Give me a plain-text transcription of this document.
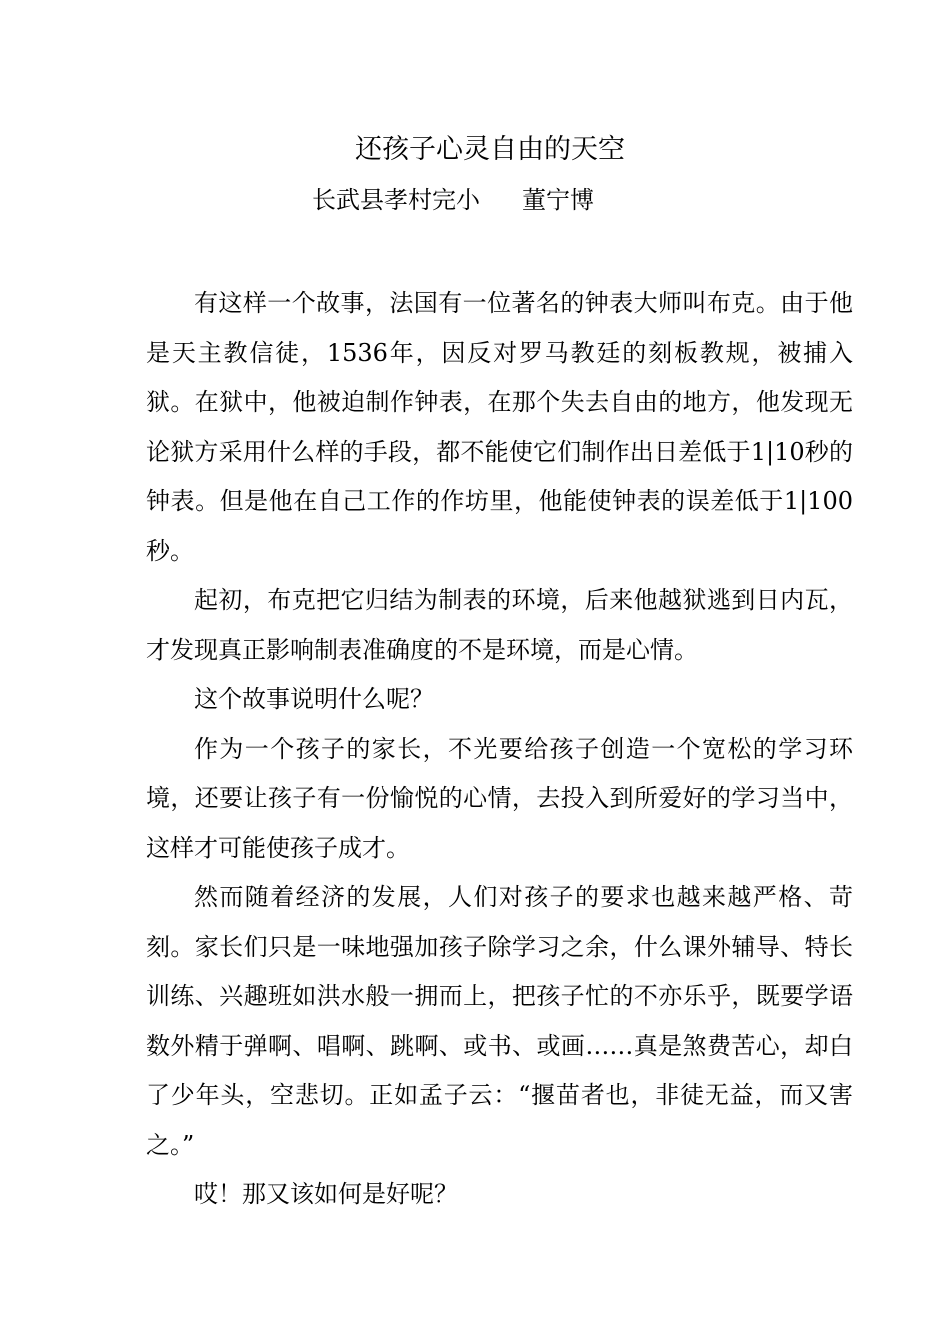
还孩子心灵自由的天空
长武县孝村完小 董宁博

有这样一个故事，法国有一位著名的钟表大师叫布克。由于他是天主教信徒，1536年，因反对罗马教廷的刻板教规，被捕入狱。在狱中，他被迫制作钟表，在那个失去自由的地方，他发现无论狱方采用什么样的手段，都不能使它们制作出日差低于1|10秒的钟表。但是他在自己工作的作坊里，他能使钟表的误差低于1|100秒。

起初，布克把它归结为制表的环境，后来他越狱逃到日内瓦，才发现真正影响制表准确度的不是环境，而是心情。

这个故事说明什么呢？

作为一个孩子的家长，不光要给孩子创造一个宽松的学习环境，还要让孩子有一份愉悦的心情，去投入到所爱好的学习当中，这样才可能使孩子成才。

然而随着经济的发展，人们对孩子的要求也越来越严格、苛刻。家长们只是一味地强加孩子除学习之余，什么课外辅导、特长训练、兴趣班如洪水般一拥而上，把孩子忙的不亦乐乎，既要学语数外精于弹啊、唱啊、跳啊、或书、或画……真是煞费苦心，却白了少年头，空悲切。正如孟子云：“揠苗者也，非徒无益，而又害之。”

哎！那又该如何是好呢？
